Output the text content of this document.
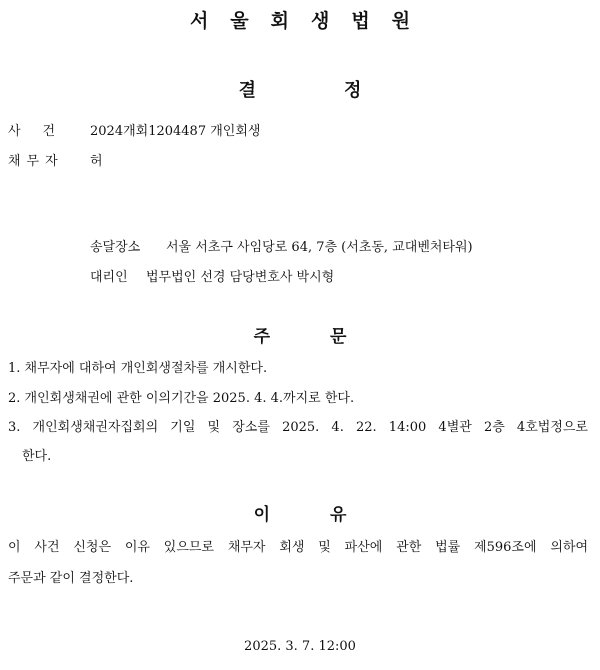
서울회생법원
결정
사건 2024개회1204487 개인회생
채무자 허
송달장소 서울 서초구 사임당로 64, 7층 (서초동, 교대벤처타워)
대리인 법무법인 선경 담당변호사 박시형
주문
1. 채무자에 대하여 개인회생절차를 개시한다.
2. 개인회생채권에 관한 이의기간을 2025. 4. 4.까지로 한다.
3. 개인회생채권자집회의 기일 및 장소를 2025. 4. 22. 14:00 4별관 2층 4호법정으로
한다.
이유
이 사건 신청은 이유 있으므로 채무자 회생 및 파산에 관한 법률 제596조에 의하여
주문과 같이 결정한다.
2025. 3. 7. 12:00
